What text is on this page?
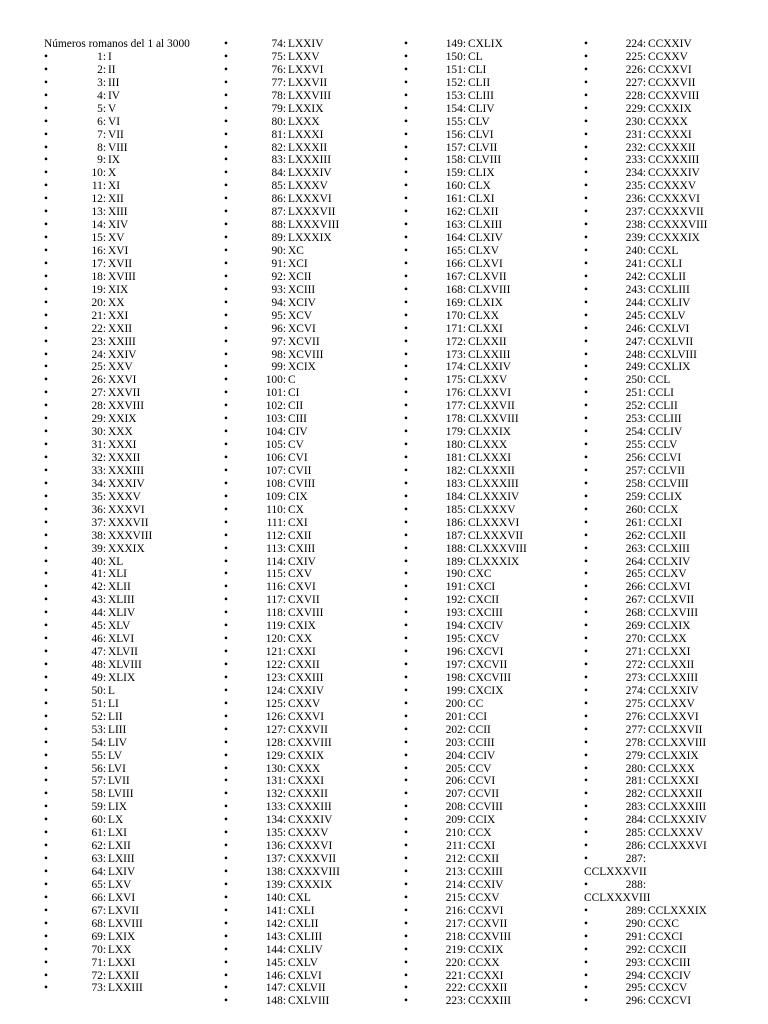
Números romanos del 1 al 3000
•	1: I
•	2: II
•	3: III
•	4: IV
•	5: V
•	6: VI
•	7: VII
•	8: VIII
•	9: IX
•	10: X
•	11: XI
•	12: XII
•	13: XIII
•	14: XIV
•	15: XV
•	16: XVI
•	17: XVII
•	18: XVIII
•	19: XIX
•	20: XX
•	21: XXI
•	22: XXII
•	23: XXIII
•	24: XXIV
•	25: XXV
•	26: XXVI
•	27: XXVII
•	28: XXVIII
•	29: XXIX
•	30: XXX
•	31: XXXI
•	32: XXXII
•	33: XXXIII
•	34: XXXIV
•	35: XXXV
•	36: XXXVI
•	37: XXXVII
•	38: XXXVIII
•	39: XXXIX
•	40: XL
•	41: XLI
•	42: XLII
•	43: XLIII
•	44: XLIV
•	45: XLV
•	46: XLVI
•	47: XLVII
•	48: XLVIII
•	49: XLIX
•	50: L
•	51: LI
•	52: LII
•	53: LIII
•	54: LIV
•	55: LV
•	56: LVI
•	57: LVII
•	58: LVIII
•	59: LIX
•	60: LX
•	61: LXI
•	62: LXII
•	63: LXIII
•	64: LXIV
•	65: LXV
•	66: LXVI
•	67: LXVII
•	68: LXVIII
•	69: LXIX
•	70: LXX
•	71: LXXI
•	72: LXXII
•	73: LXXIII
•	74: LXXIV
•	75: LXXV
•	76: LXXVI
•	77: LXXVII
•	78: LXXVIII
•	79: LXXIX
•	80: LXXX
•	81: LXXXI
•	82: LXXXII
•	83: LXXXIII
•	84: LXXXIV
•	85: LXXXV
•	86: LXXXVI
•	87: LXXXVII
•	88: LXXXVIII
•	89: LXXXIX
•	90: XC
•	91: XCI
•	92: XCII
•	93: XCIII
•	94: XCIV
•	95: XCV
•	96: XCVI
•	97: XCVII
•	98: XCVIII
•	99: XCIX
•	100: C
•	101: CI
•	102: CII
•	103: CIII
•	104: CIV
•	105: CV
•	106: CVI
•	107: CVII
•	108: CVIII
•	109: CIX
•	110: CX
•	111: CXI
•	112: CXII
•	113: CXIII
•	114: CXIV
•	115: CXV
•	116: CXVI
•	117: CXVII
•	118: CXVIII
•	119: CXIX
•	120: CXX
•	121: CXXI
•	122: CXXII
•	123: CXXIII
•	124: CXXIV
•	125: CXXV
•	126: CXXVI
•	127: CXXVII
•	128: CXXVIII
•	129: CXXIX
•	130: CXXX
•	131: CXXXI
•	132: CXXXII
•	133: CXXXIII
•	134: CXXXIV
•	135: CXXXV
•	136: CXXXVI
•	137: CXXXVII
•	138: CXXXVIII
•	139: CXXXIX
•	140: CXL
•	141: CXLI
•	142: CXLII
•	143: CXLIII
•	144: CXLIV
•	145: CXLV
•	146: CXLVI
•	147: CXLVII
•	148: CXLVIII
•	149: CXLIX
•	150: CL
•	151: CLI
•	152: CLII
•	153: CLIII
•	154: CLIV
•	155: CLV
•	156: CLVI
•	157: CLVII
•	158: CLVIII
•	159: CLIX
•	160: CLX
•	161: CLXI
•	162: CLXII
•	163: CLXIII
•	164: CLXIV
•	165: CLXV
•	166: CLXVI
•	167: CLXVII
•	168: CLXVIII
•	169: CLXIX
•	170: CLXX
•	171: CLXXI
•	172: CLXXII
•	173: CLXXIII
•	174: CLXXIV
•	175: CLXXV
•	176: CLXXVI
•	177: CLXXVII
•	178: CLXXVIII
•	179: CLXXIX
•	180: CLXXX
•	181: CLXXXI
•	182: CLXXXII
•	183: CLXXXIII
•	184: CLXXXIV
•	185: CLXXXV
•	186: CLXXXVI
•	187: CLXXXVII
•	188: CLXXXVIII
•	189: CLXXXIX
•	190: CXC
•	191: CXCI
•	192: CXCII
•	193: CXCIII
•	194: CXCIV
•	195: CXCV
•	196: CXCVI
•	197: CXCVII
•	198: CXCVIII
•	199: CXCIX
•	200: CC
•	201: CCI
•	202: CCII
•	203: CCIII
•	204: CCIV
•	205: CCV
•	206: CCVI
•	207: CCVII
•	208: CCVIII
•	209: CCIX
•	210: CCX
•	211: CCXI
•	212: CCXII
•	213: CCXIII
•	214: CCXIV
•	215: CCXV
•	216: CCXVI
•	217: CCXVII
•	218: CCXVIII
•	219: CCXIX
•	220: CCXX
•	221: CCXXI
•	222: CCXXII
•	223: CCXXIII
•	224: CCXXIV
•	225: CCXXV
•	226: CCXXVI
•	227: CCXXVII
•	228: CCXXVIII
•	229: CCXXIX
•	230: CCXXX
•	231: CCXXXI
•	232: CCXXXII
•	233: CCXXXIII
•	234: CCXXXIV
•	235: CCXXXV
•	236: CCXXXVI
•	237: CCXXXVII
•	238: CCXXXVIII
•	239: CCXXXIX
•	240: CCXL
•	241: CCXLI
•	242: CCXLII
•	243: CCXLIII
•	244: CCXLIV
•	245: CCXLV
•	246: CCXLVI
•	247: CCXLVII
•	248: CCXLVIII
•	249: CCXLIX
•	250: CCL
•	251: CCLI
•	252: CCLII
•	253: CCLIII
•	254: CCLIV
•	255: CCLV
•	256: CCLVI
•	257: CCLVII
•	258: CCLVIII
•	259: CCLIX
•	260: CCLX
•	261: CCLXI
•	262: CCLXII
•	263: CCLXIII
•	264: CCLXIV
•	265: CCLXV
•	266: CCLXVI
•	267: CCLXVII
•	268: CCLXVIII
•	269: CCLXIX
•	270: CCLXX
•	271: CCLXXI
•	272: CCLXXII
•	273: CCLXXIII
•	274: CCLXXIV
•	275: CCLXXV
•	276: CCLXXVI
•	277: CCLXXVII
•	278: CCLXXVIII
•	279: CCLXXIX
•	280: CCLXXX
•	281: CCLXXXI
•	282: CCLXXXII
•	283: CCLXXXIII
•	284: CCLXXXIV
•	285: CCLXXXV
•	286: CCLXXXVI
•	287:
CCLXXXVII
•	288:
CCLXXXVIII
•	289: CCLXXXIX
•	290: CCXC
•	291: CCXCI
•	292: CCXCII
•	293: CCXCIII
•	294: CCXCIV
•	295: CCXCV
•	296: CCXCVI
